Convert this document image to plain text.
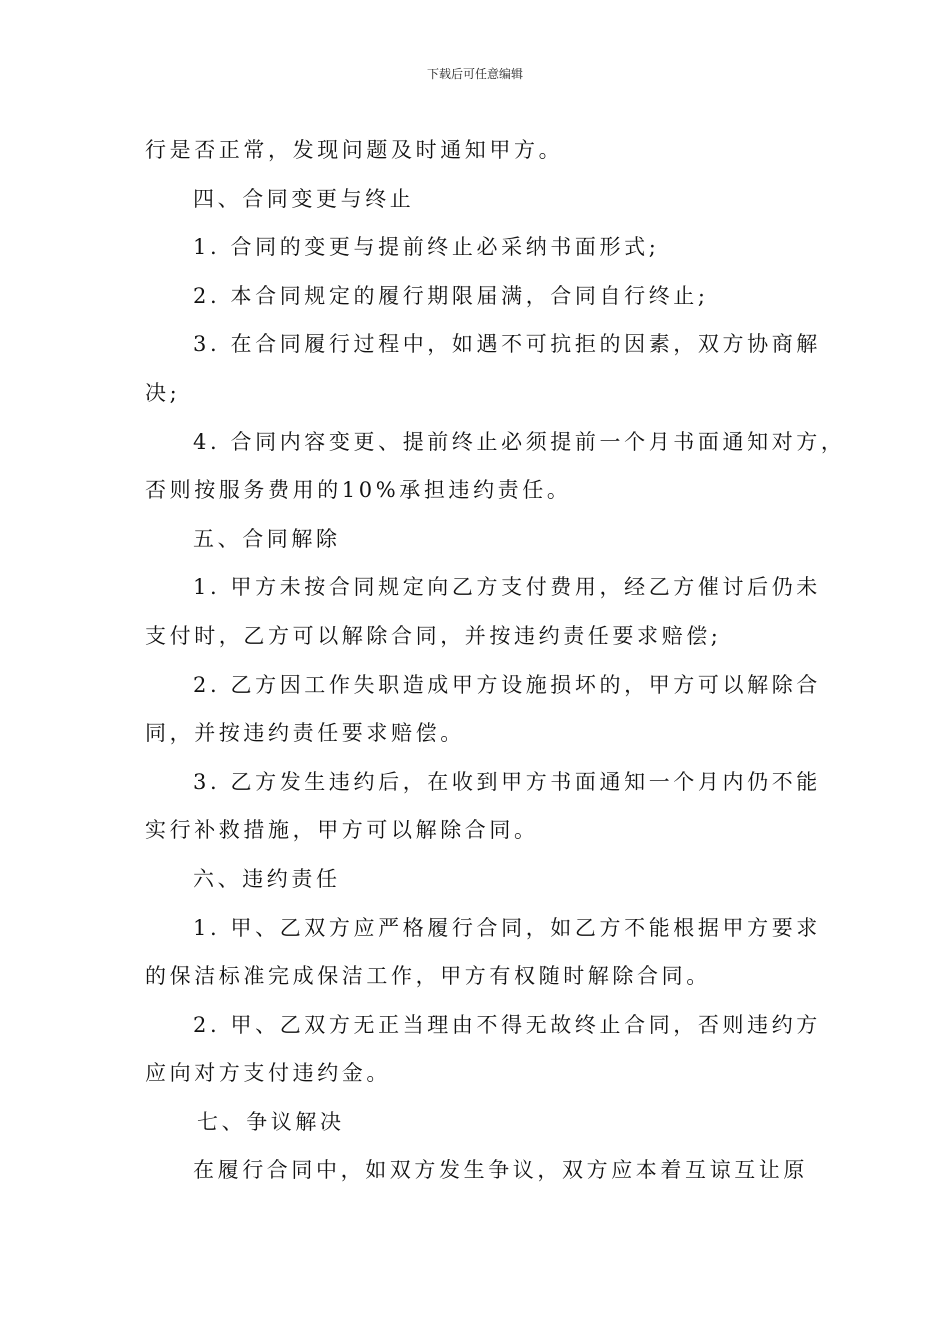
下载后可任意编辑
行是否正常，发现问题及时通知甲方。
四、合同变更与终止
1. 合同的变更与提前终止必采纳书面形式;
2. 本合同规定的履行期限届满，合同自行终止;
3. 在合同履行过程中，如遇不可抗拒的因素，双方协商解
决;
4. 合同内容变更、提前终止必须提前一个月书面通知对方，
否则按服务费用的10%承担违约责任。
五、合同解除
1. 甲方未按合同规定向乙方支付费用，经乙方催讨后仍未
支付时，乙方可以解除合同，并按违约责任要求赔偿;
2. 乙方因工作失职造成甲方设施损坏的，甲方可以解除合
同，并按违约责任要求赔偿。
3. 乙方发生违约后，在收到甲方书面通知一个月内仍不能
实行补救措施，甲方可以解除合同。
六、违约责任
1. 甲、乙双方应严格履行合同，如乙方不能根据甲方要求
的保洁标准完成保洁工作，甲方有权随时解除合同。
2. 甲、乙双方无正当理由不得无故终止合同，否则违约方
应向对方支付违约金。
七、争议解决
在履行合同中，如双方发生争议，双方应本着互谅互让原
